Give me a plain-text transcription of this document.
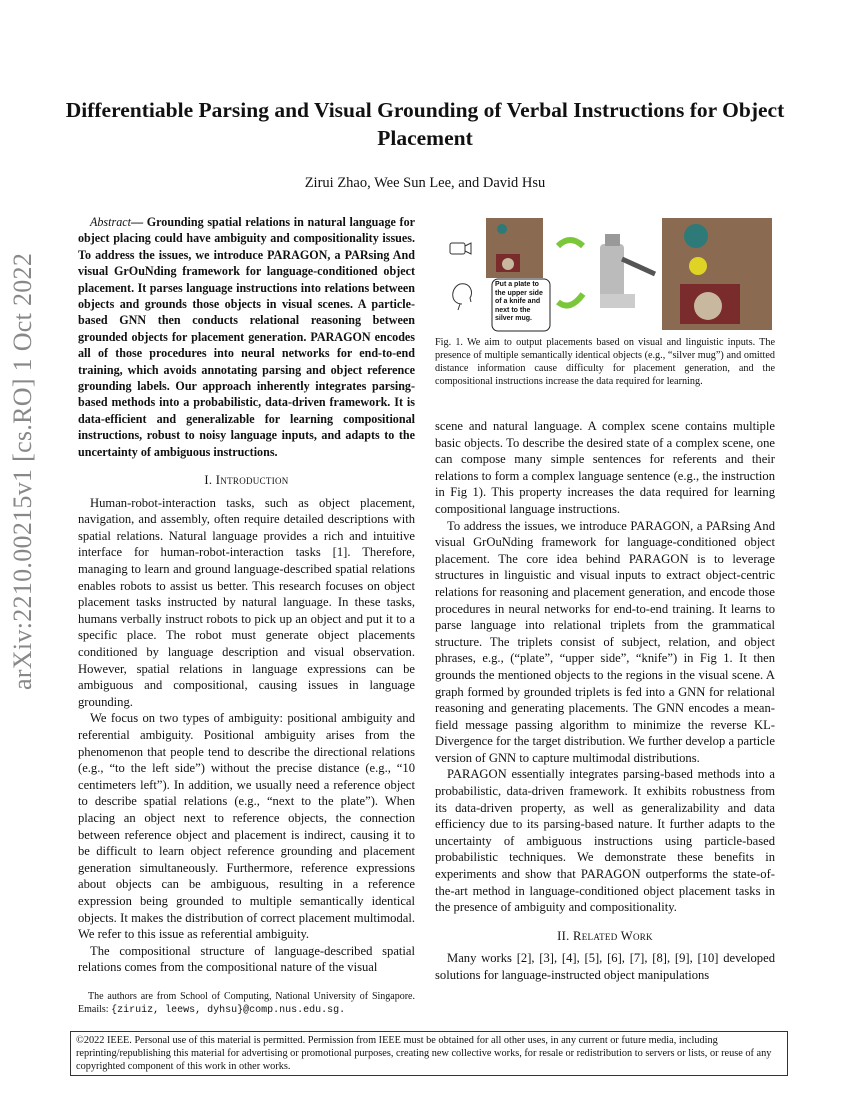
arXiv:2210.00215v1 [cs.RO] 1 Oct 2022
Differentiable Parsing and Visual Grounding of Verbal Instructions for Object Placement
Zirui Zhao, Wee Sun Lee, and David Hsu
Abstract— Grounding spatial relations in natural language for object placing could have ambiguity and compositionality issues. To address the issues, we introduce PARAGON, a PARsing And visual GrOuNding framework for language-conditioned object placement. It parses language instructions into relations between objects and grounds those objects in visual scenes. A particle-based GNN then conducts relational reasoning between grounded objects for placement generation. PARAGON encodes all of those procedures into neural networks for end-to-end training, which avoids annotating parsing and object reference grounding labels. Our approach inherently integrates parsing-based methods into a probabilistic, data-driven framework. It is data-efficient and generalizable for learning compositional instructions, robust to noisy language inputs, and adapts to the uncertainty of ambiguous instructions.
I. Introduction

Human-robot-interaction tasks, such as object placement, navigation, and assembly, often require detailed descriptions with spatial relations. Natural language provides a rich and intuitive interface for human-robot-interaction tasks [1]. Therefore, managing to learn and ground language-described spatial relations enables robots to assist us better. This research focuses on object placement tasks instructed by natural language. In these tasks, humans verbally instruct robots to pick up an object and put it to a specific place. The robot must generate object placements conditioned by language description and visual observation. However, spatial relations in language expressions can be ambiguous and compositional, causing issues in language grounding.

We focus on two types of ambiguity: positional ambiguity and referential ambiguity. Positional ambiguity arises from the phenomenon that people tend to describe the directional relations (e.g., “to the left side”) without the precise distance (e.g., “10 centimeters left”). In addition, we usually need a reference object to describe spatial relations (e.g., “next to the plate”). When placing an object next to reference objects, the connection between reference object and placement is indirect, causing it to be difficult to learn object reference grounding and placement generation simultaneously. Furthermore, reference expressions about objects can be ambiguous, resulting in a reference expression being grounded to multiple semantically identical objects. It makes the distribution of correct placement multimodal. We refer to this issue as referential ambiguity.

The compositional structure of language-described spatial relations comes from the compositional nature of the visual

The authors are from School of Computing, National University of Singapore. Emails: {ziruiz, leews, dyhsu}@comp.nus.edu.sg.
Put a plate to the upper side of a knife and next to the silver mug.
Fig. 1. We aim to output placements based on visual and linguistic inputs. The presence of multiple semantically identical objects (e.g., “silver mug”) and omitted distance information cause difficulty for placement generation, and the compositional instructions increase the data required for learning.

scene and natural language. A complex scene contains multiple basic objects. To describe the desired state of a complex scene, one can compose many simple sentences for referents and their relations to form a complex language sentence (e.g., the instruction in Fig 1). This property increases the data required for learning compositional language instructions.

To address the issues, we introduce PARAGON, a PARsing And visual GrOuNding framework for language-conditioned object placement. The core idea behind PARAGON is to leverage structures in linguistic and visual inputs to extract object-centric relations for reasoning and placement generation, and encode those procedures in neural networks for end-to-end training. It learns to parse language into relational triplets from the grammatical structure. The triplets consist of subject, relation, and object phrases, e.g., (“plate”, “upper side”, “knife”) in Fig 1. It then grounds the mentioned objects to the regions in the visual scene. A graph formed by grounded triplets is fed into a GNN for relational reasoning and generating placements. The GNN encodes a mean-field message passing algorithm to minimize the reverse KL-Divergence for the target distribution. We further develop a particle version of GNN to capture multimodal distributions.

PARAGON essentially integrates parsing-based methods into a probabilistic, data-driven framework. It exhibits robustness from its data-driven property, as well as generalizability and data efficiency due to its parsing-based nature. It further adapts to the uncertainty of ambiguous instructions using particle-based probabilistic techniques. We demonstrate these benefits in experiments and show that PARAGON outperforms the state-of-the-art method in language-conditioned object placement tasks in the presence of ambiguity and compositionality.

II. Related Work

Many works [2], [3], [4], [5], [6], [7], [8], [9], [10] developed solutions for language-instructed object manipulations

©2022 IEEE. Personal use of this material is permitted. Permission from IEEE must be obtained for all other uses, in any current or future media, including reprinting/republishing this material for advertising or promotional purposes, creating new collective works, for resale or redistribution to servers or lists, or reuse of any copyrighted component of this work in other works.
